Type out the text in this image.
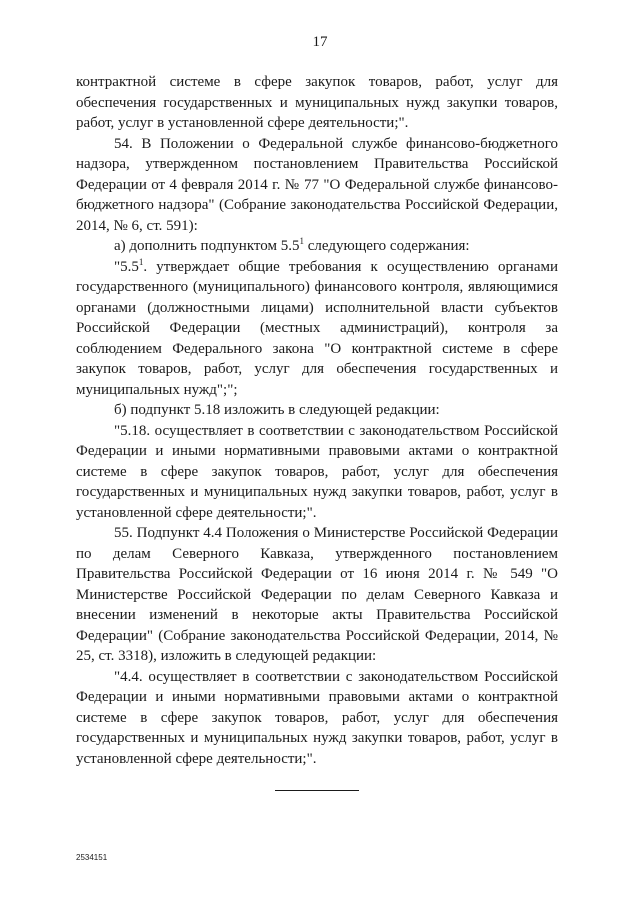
17

контрактной системе в сфере закупок товаров, работ, услуг для обеспечения государственных и муниципальных нужд закупки товаров, работ, услуг в установленной сфере деятельности;".

54. В Положении о Федеральной службе финансово-бюджетного надзора, утвержденном постановлением Правительства Российской Федерации от 4 февраля 2014 г. № 77 "О Федеральной службе финансово-бюджетного надзора" (Собрание законодательства Российской Федерации, 2014, № 6, ст. 591):

а) дополнить подпунктом $5.5^1$ следующего содержания:

"$5.5^1$. утверждает общие требования к осуществлению органами государственного (муниципального) финансового контроля, являющимися органами (должностными лицами) исполнительной власти субъектов Российской Федерации (местных администраций), контроля за соблюдением Федерального закона "О контрактной системе в сфере закупок товаров, работ, услуг для обеспечения государственных и муниципальных нужд";";

б) подпункт 5.18 изложить в следующей редакции:

"5.18. осуществляет в соответствии с законодательством Российской Федерации и иными нормативными правовыми актами о контрактной системе в сфере закупок товаров, работ, услуг для обеспечения государственных и муниципальных нужд закупки товаров, работ, услуг в установленной сфере деятельности;".

55. Подпункт 4.4 Положения о Министерстве Российской Федерации по делам Северного Кавказа, утвержденного постановлением Правительства Российской Федерации от 16 июня 2014 г. № 549 "О Министерстве Российской Федерации по делам Северного Кавказа и внесении изменений в некоторые акты Правительства Российской Федерации" (Собрание законодательства Российской Федерации, 2014, № 25, ст. 3318), изложить в следующей редакции:

"4.4. осуществляет в соответствии с законодательством Российской Федерации и иными нормативными правовыми актами о контрактной системе в сфере закупок товаров, работ, услуг для обеспечения государственных и муниципальных нужд закупки товаров, работ, услуг в установленной сфере деятельности;".

2534151
